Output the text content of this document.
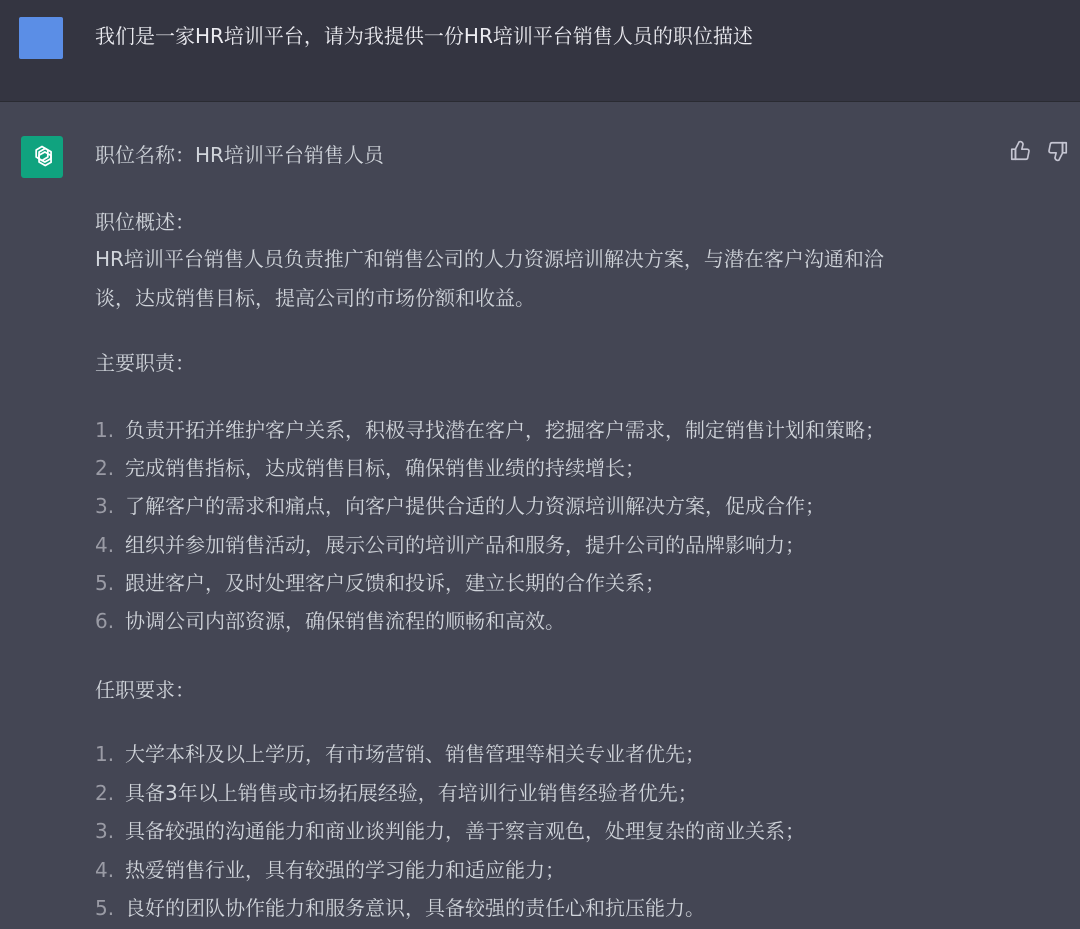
我们是一家HR培训平台，请为我提供一份HR培训平台销售人员的职位描述
职位名称：HR培训平台销售人员
职位概述：
HR培训平台销售人员负责推广和销售公司的人力资源培训解决方案，与潜在客户沟通和洽
谈，达成销售目标，提高公司的市场份额和收益。
主要职责：
1. 负责开拓并维护客户关系，积极寻找潜在客户，挖掘客户需求，制定销售计划和策略；
2. 完成销售指标，达成销售目标，确保销售业绩的持续增长；
3. 了解客户的需求和痛点，向客户提供合适的人力资源培训解决方案，促成合作；
4. 组织并参加销售活动，展示公司的培训产品和服务，提升公司的品牌影响力；
5. 跟进客户，及时处理客户反馈和投诉，建立长期的合作关系；
6. 协调公司内部资源，确保销售流程的顺畅和高效。
任职要求：
1. 大学本科及以上学历，有市场营销、销售管理等相关专业者优先；
2. 具备3年以上销售或市场拓展经验，有培训行业销售经验者优先；
3. 具备较强的沟通能力和商业谈判能力，善于察言观色，处理复杂的商业关系；
4. 热爱销售行业，具有较强的学习能力和适应能力；
5. 良好的团队协作能力和服务意识，具备较强的责任心和抗压能力。
